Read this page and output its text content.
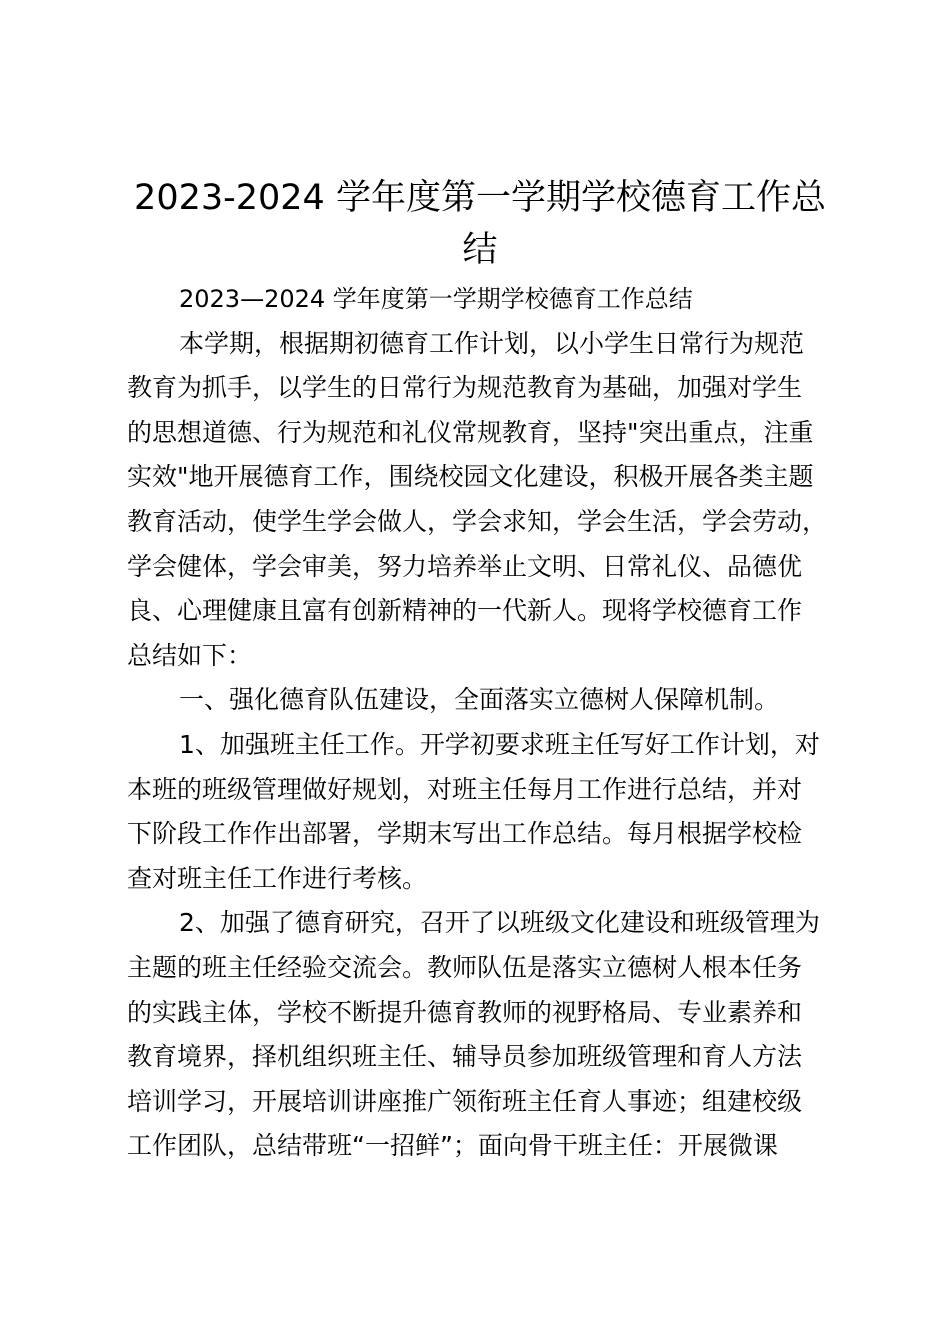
2023-2024 学年度第一学期学校德育工作总
结
2023—2024 学年度第一学期学校德育工作总结
本学期，根据期初德育工作计划，以小学生日常行为规范
教育为抓手，以学生的日常行为规范教育为基础，加强对学生
的思想道德、行为规范和礼仪常规教育，坚持"突出重点，注重
实效"地开展德育工作，围绕校园文化建设，积极开展各类主题
教育活动，使学生学会做人，学会求知，学会生活，学会劳动，
学会健体，学会审美，努力培养举止文明、日常礼仪、品德优
良、心理健康且富有创新精神的一代新人。现将学校德育工作
总结如下：
一、强化德育队伍建设，全面落实立德树人保障机制。
1、加强班主任工作。开学初要求班主任写好工作计划，对
本班的班级管理做好规划，对班主任每月工作进行总结，并对
下阶段工作作出部署，学期末写出工作总结。每月根据学校检
查对班主任工作进行考核。
2、加强了德育研究，召开了以班级文化建设和班级管理为
主题的班主任经验交流会。教师队伍是落实立德树人根本任务
的实践主体，学校不断提升德育教师的视野格局、专业素养和
教育境界，择机组织班主任、辅导员参加班级管理和育人方法
培训学习，开展培训讲座推广领衔班主任育人事迹；组建校级
工作团队，总结带班“一招鲜”；面向骨干班主任：开展微课
